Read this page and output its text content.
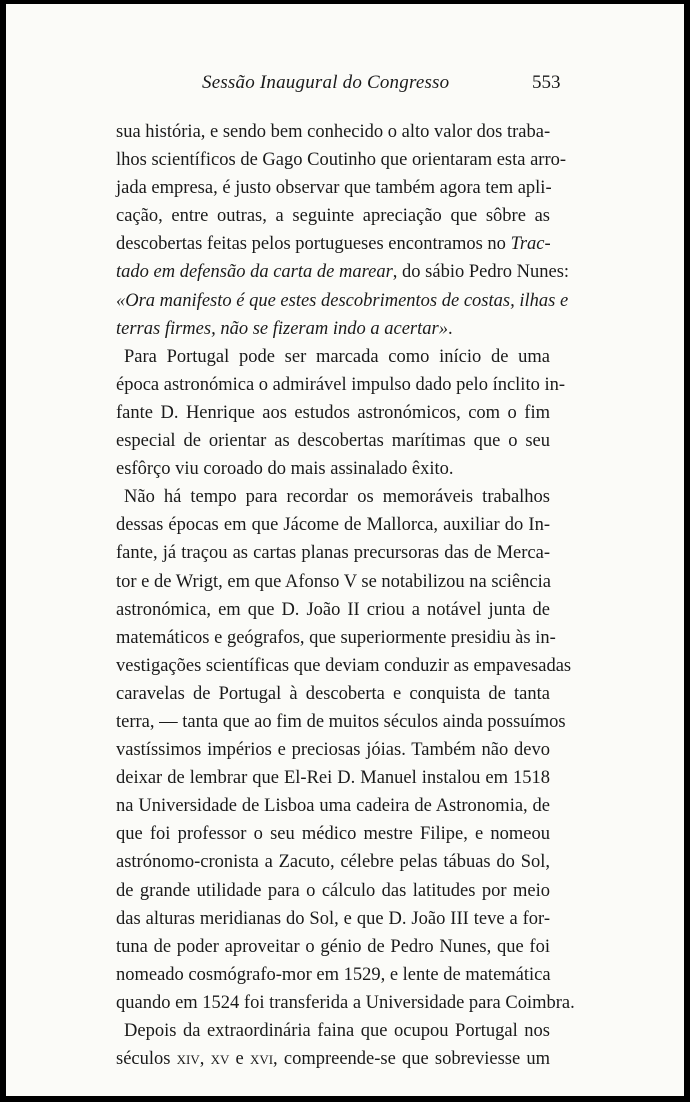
Sessão Inaugural do Congresso	553

sua história, e sendo bem conhecido o alto valor dos traba-
lhos scientíficos de Gago Coutinho que orientaram esta arro-
jada empresa, é justo observar que também agora tem apli-
cação, entre outras, a seguinte apreciação que sôbre as
descobertas feitas pelos portugueses encontramos no Trac-
tado em defensão da carta de marear, do sábio Pedro Nunes:
«Ora manifesto é que estes descobrimentos de costas, ilhas e
terras firmes, não se fizeram indo a acertar».

Para Portugal pode ser marcada como início de uma
época astronómica o admirável impulso dado pelo ínclito in-
fante D. Henrique aos estudos astronómicos, com o fim
especial de orientar as descobertas marítimas que o seu
esfôrço viu coroado do mais assinalado êxito.

Não há tempo para recordar os memoráveis trabalhos
dessas épocas em que Jácome de Mallorca, auxiliar do In-
fante, já traçou as cartas planas precursoras das de Merca-
tor e de Wrigt, em que Afonso V se notabilizou na sciência
astronómica, em que D. João II criou a notável junta de
matemáticos e geógrafos, que superiormente presidiu às in-
vestigações scientíficas que deviam conduzir as empavesadas
caravelas de Portugal à descoberta e conquista de tanta
terra, — tanta que ao fim de muitos séculos ainda possuímos
vastíssimos impérios e preciosas jóias. Também não devo
deixar de lembrar que El-Rei D. Manuel instalou em 1518
na Universidade de Lisboa uma cadeira de Astronomia, de
que foi professor o seu médico mestre Filipe, e nomeou
astrónomo-cronista a Zacuto, célebre pelas tábuas do Sol,
de grande utilidade para o cálculo das latitudes por meio
das alturas meridianas do Sol, e que D. João III teve a for-
tuna de poder aproveitar o génio de Pedro Nunes, que foi
nomeado cosmógrafo-mor em 1529, e lente de matemática
quando em 1524 foi transferida a Universidade para Coimbra.

Depois da extraordinária faina que ocupou Portugal nos
séculos xiv, xv e xvi, compreende-se que sobreviesse um
